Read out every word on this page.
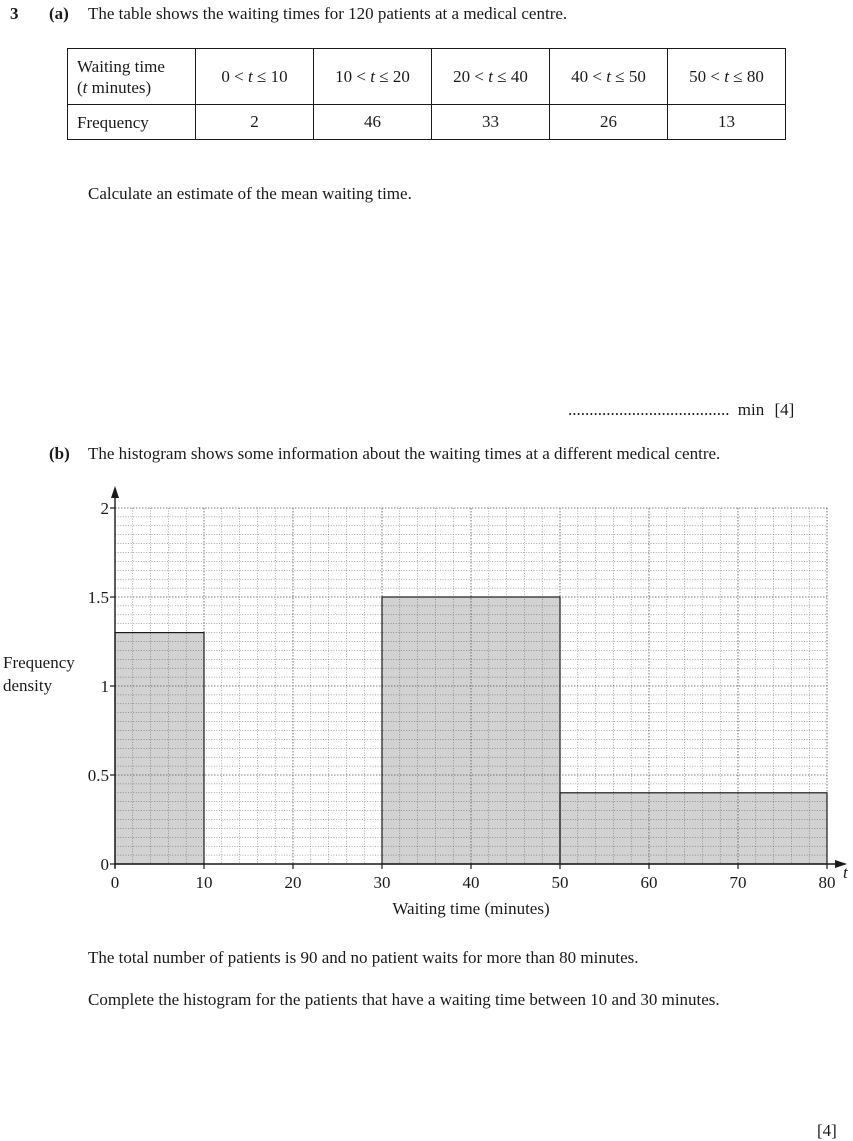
3 (a) The table shows the waiting times for 120 patients at a medical centre.
Waiting time
(t minutes)	0 < t ≤ 10	10 < t ≤ 20	20 < t ≤ 40	40 < t ≤ 50	50 < t ≤ 80
Frequency	2	46	33	26	13
Calculate an estimate of the mean waiting time.
...................................... min [4]
(b) The histogram shows some information about the waiting times at a different medical centre.
0	10	20	30	40	50	60	70	80
0
0.5
1
1.5
2
Waiting time (minutes)
t
Frequency
density
The total number of patients is 90 and no patient waits for more than 80 minutes.
Complete the histogram for the patients that have a waiting time between 10 and 30 minutes.
[4]
